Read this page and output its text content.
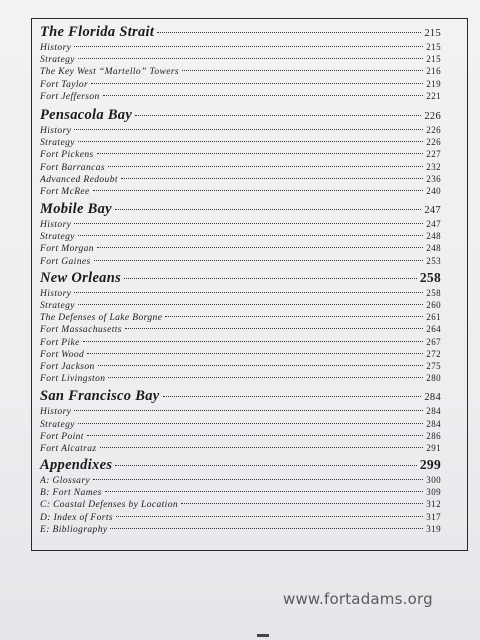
The Florida Strait	215
History	215
Strategy	215
The Key West “Martello” Towers	216
Fort Taylor	219
Fort Jefferson	221
Pensacola Bay	226
History	226
Strategy	226
Fort Pickens	227
Fort Barrancas	232
Advanced Redoubt	236
Fort McRee	240
Mobile Bay	247
History	247
Strategy	248
Fort Morgan	248
Fort Gaines	253
New Orleans	258
History	258
Strategy	260
The Defenses of Lake Borgne	261
Fort Massachusetts	264
Fort Pike	267
Fort Wood	272
Fort Jackson	275
Fort Livingston	280
San Francisco Bay	284
History	284
Strategy	284
Fort Point	286
Fort Alcatraz	291
Appendixes	299
A: Glossary	300
B: Fort Names	309
C: Coastal Defenses by Location	312
D: Index of Forts	317
E: Bibliography	319
www.fortadams.org
